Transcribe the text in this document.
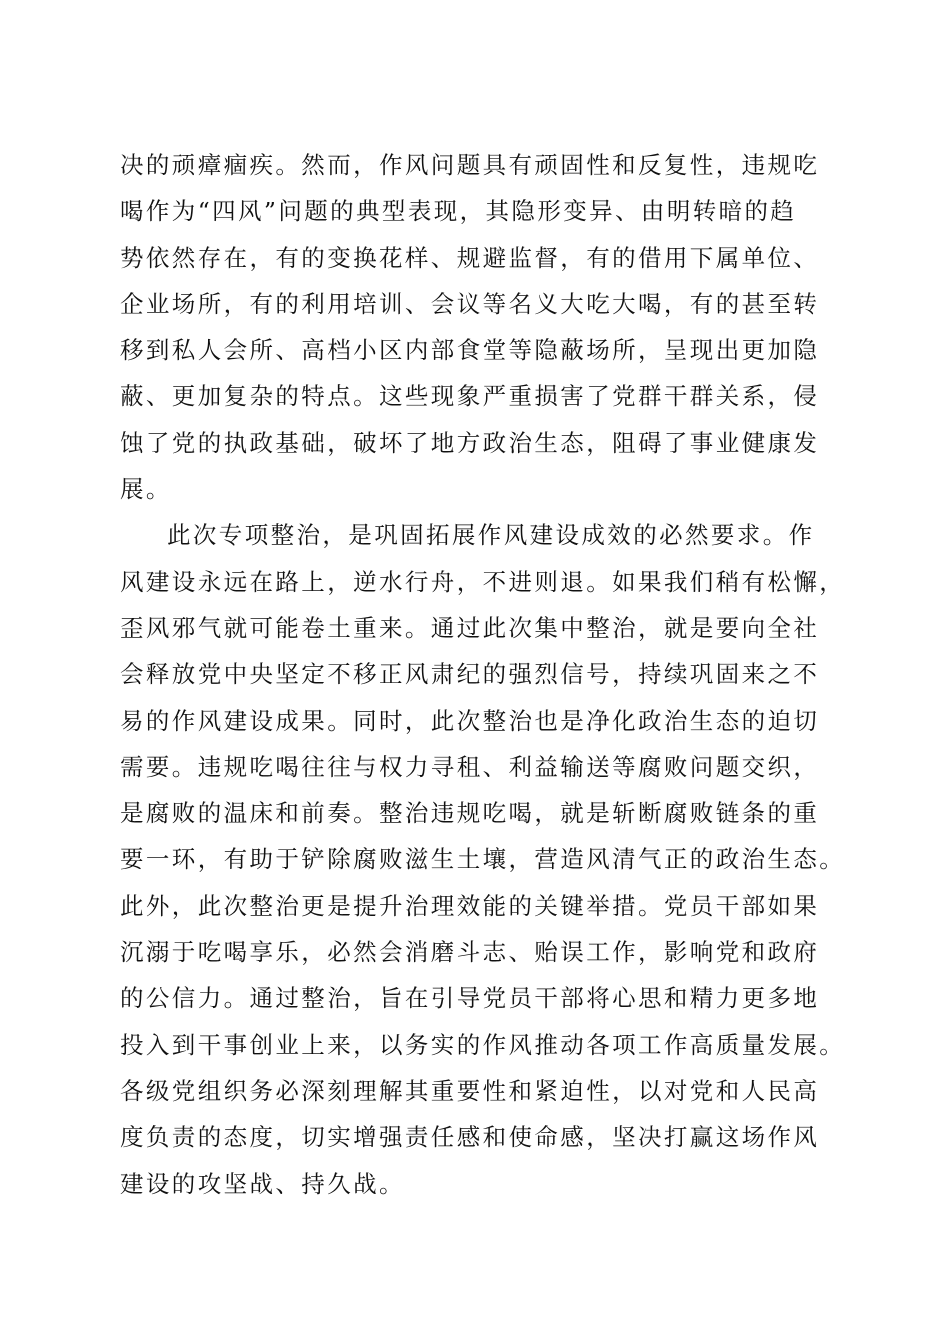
决的顽瘴痼疾。然而，作风问题具有顽固性和反复性，违规吃
喝作为“四风”问题的典型表现，其隐形变异、由明转暗的趋
势依然存在，有的变换花样、规避监督，有的借用下属单位、
企业场所，有的利用培训、会议等名义大吃大喝，有的甚至转
移到私人会所、高档小区内部食堂等隐蔽场所，呈现出更加隐
蔽、更加复杂的特点。这些现象严重损害了党群干群关系，侵
蚀了党的执政基础，破坏了地方政治生态，阻碍了事业健康发
展。
此次专项整治，是巩固拓展作风建设成效的必然要求。作
风建设永远在路上，逆水行舟，不进则退。如果我们稍有松懈，
歪风邪气就可能卷土重来。通过此次集中整治，就是要向全社
会释放党中央坚定不移正风肃纪的强烈信号，持续巩固来之不
易的作风建设成果。同时，此次整治也是净化政治生态的迫切
需要。违规吃喝往往与权力寻租、利益输送等腐败问题交织，
是腐败的温床和前奏。整治违规吃喝，就是斩断腐败链条的重
要一环，有助于铲除腐败滋生土壤，营造风清气正的政治生态。
此外，此次整治更是提升治理效能的关键举措。党员干部如果
沉溺于吃喝享乐，必然会消磨斗志、贻误工作，影响党和政府
的公信力。通过整治，旨在引导党员干部将心思和精力更多地
投入到干事创业上来，以务实的作风推动各项工作高质量发展。
各级党组织务必深刻理解其重要性和紧迫性，以对党和人民高
度负责的态度，切实增强责任感和使命感，坚决打赢这场作风
建设的攻坚战、持久战。
